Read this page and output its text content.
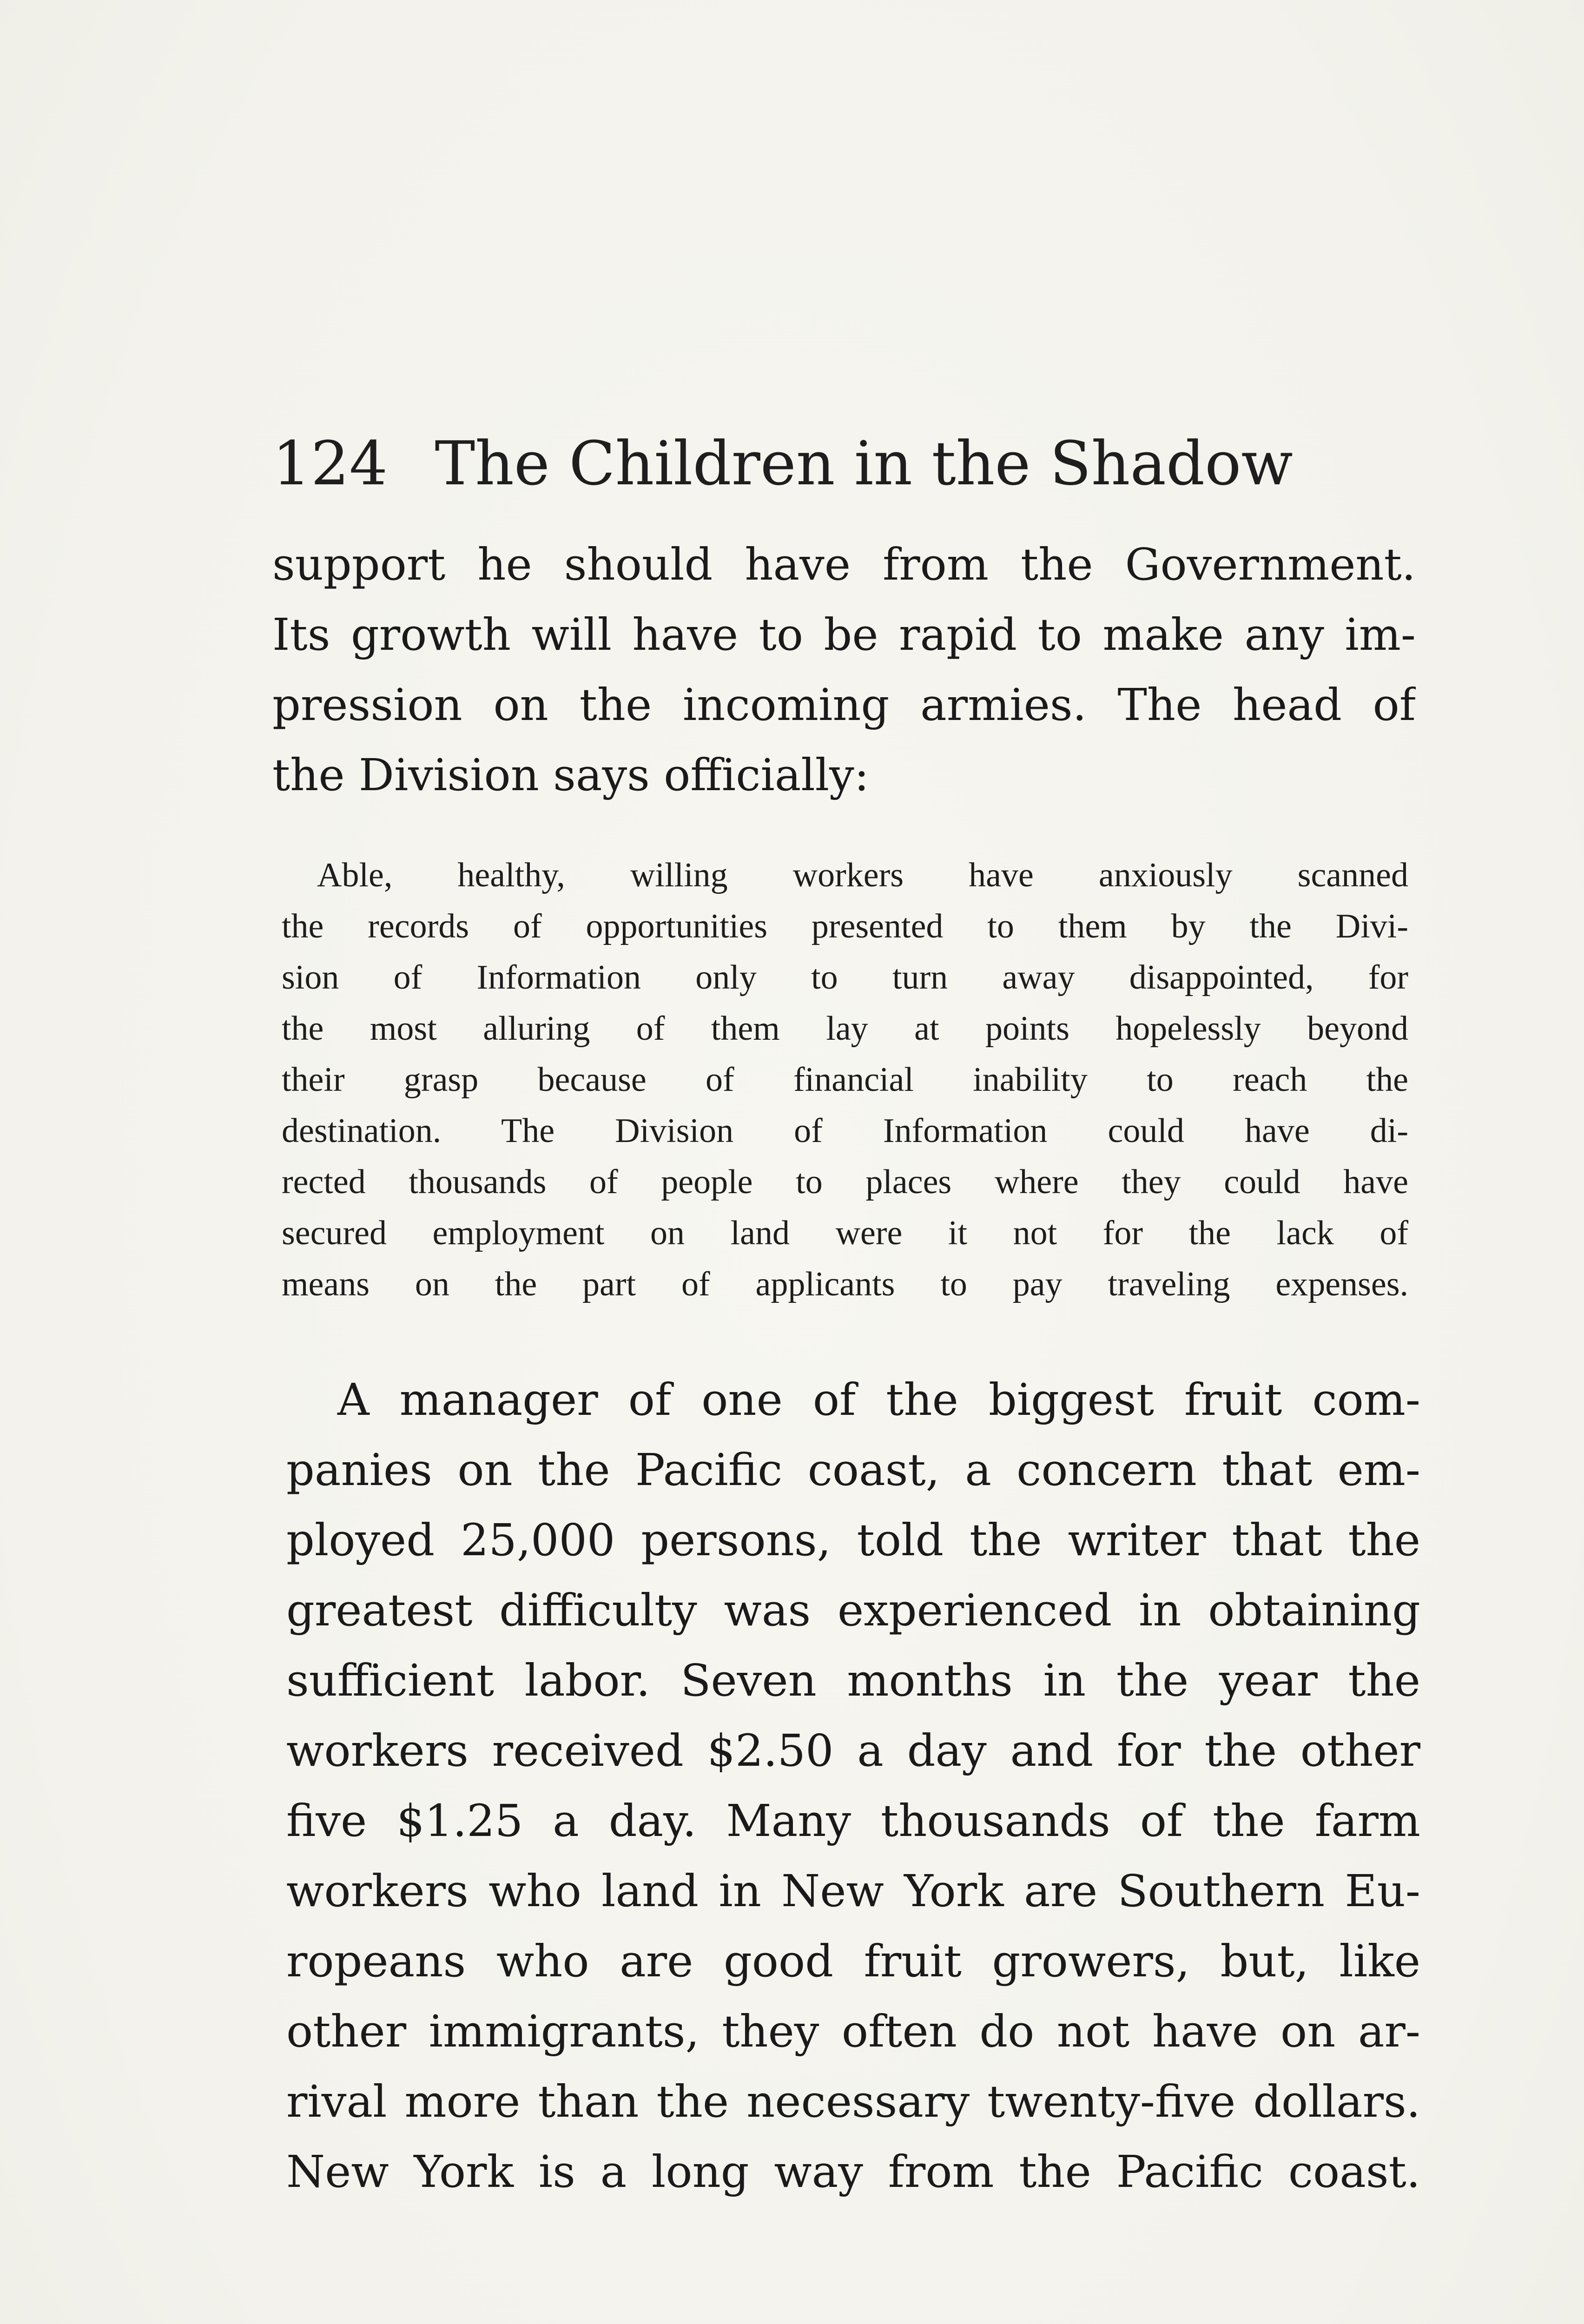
124 The Children in the Shadow
support he should have from the Government.
Its growth will have to be rapid to make any im-
pression on the incoming armies. The head of
the Division says officially:
Able, healthy, willing workers have anxiously scanned
the records of opportunities presented to them by the Divi-
sion of Information only to turn away disappointed, for
the most alluring of them lay at points hopelessly beyond
their grasp because of financial inability to reach the
destination. The Division of Information could have di-
rected thousands of people to places where they could have
secured employment on land were it not for the lack of
means on the part of applicants to pay traveling expenses.
A manager of one of the biggest fruit com-
panies on the Pacific coast, a concern that em-
ployed 25,000 persons, told the writer that the
greatest difficulty was experienced in obtaining
sufficient labor. Seven months in the year the
workers received $2.50 a day and for the other
five $1.25 a day. Many thousands of the farm
workers who land in New York are Southern Eu-
ropeans who are good fruit growers, but, like
other immigrants, they often do not have on ar-
rival more than the necessary twenty-five dollars.
New York is a long way from the Pacific coast.
